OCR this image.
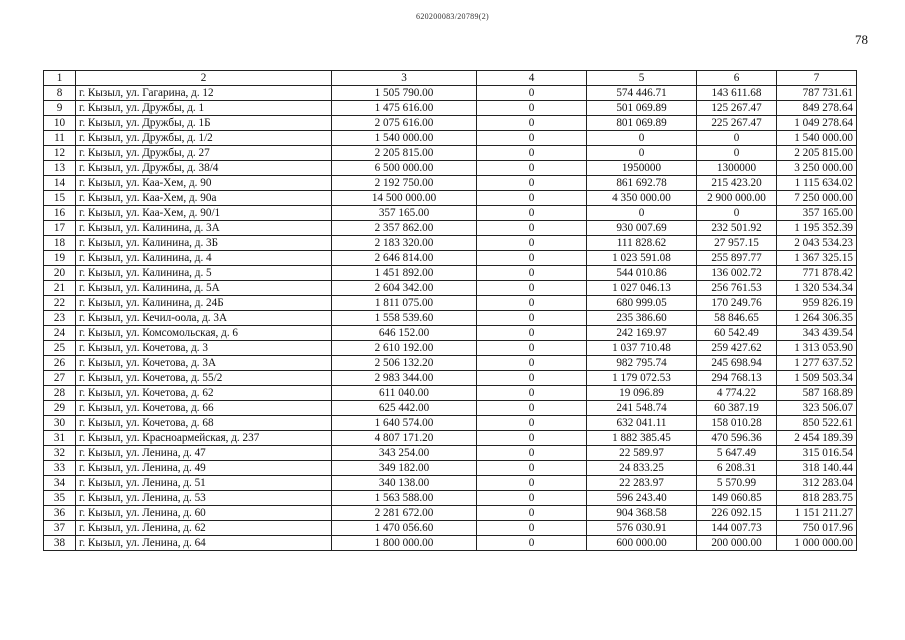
620200083/20789(2)
78
1	2	3	4	5	6	7
8	г. Кызыл, ул. Гагарина, д. 12	1 505 790.00	0	574 446.71	143 611.68	787 731.61
9	г. Кызыл, ул. Дружбы, д. 1	1 475 616.00	0	501 069.89	125 267.47	849 278.64
10	г. Кызыл, ул. Дружбы, д. 1Б	2 075 616.00	0	801 069.89	225 267.47	1 049 278.64
11	г. Кызыл, ул. Дружбы, д. 1/2	1 540 000.00	0	0	0	1 540 000.00
12	г. Кызыл, ул. Дружбы, д. 27	2 205 815.00	0	0	0	2 205 815.00
13	г. Кызыл, ул. Дружбы, д. 38/4	6 500 000.00	0	1950000	1300000	3 250 000.00
14	г. Кызыл, ул. Каа-Хем, д. 90	2 192 750.00	0	861 692.78	215 423.20	1 115 634.02
15	г. Кызыл, ул. Каа-Хем, д. 90а	14 500 000.00	0	4 350 000.00	2 900 000.00	7 250 000.00
16	г. Кызыл, ул. Каа-Хем, д. 90/1	357 165.00	0	0	0	357 165.00
17	г. Кызыл, ул. Калинина, д. 3А	2 357 862.00	0	930 007.69	232 501.92	1 195 352.39
18	г. Кызыл, ул. Калинина, д. 3Б	2 183 320.00	0	111 828.62	27 957.15	2 043 534.23
19	г. Кызыл, ул. Калинина, д. 4	2 646 814.00	0	1 023 591.08	255 897.77	1 367 325.15
20	г. Кызыл, ул. Калинина, д. 5	1 451 892.00	0	544 010.86	136 002.72	771 878.42
21	г. Кызыл, ул. Калинина, д. 5А	2 604 342.00	0	1 027 046.13	256 761.53	1 320 534.34
22	г. Кызыл, ул. Калинина, д. 24Б	1 811 075.00	0	680 999.05	170 249.76	959 826.19
23	г. Кызыл, ул. Кечил-оола, д. 3А	1 558 539.60	0	235 386.60	58 846.65	1 264 306.35
24	г. Кызыл, ул. Комсомольская, д. 6	646 152.00	0	242 169.97	60 542.49	343 439.54
25	г. Кызыл, ул. Кочетова, д. 3	2 610 192.00	0	1 037 710.48	259 427.62	1 313 053.90
26	г. Кызыл, ул. Кочетова, д. 3А	2 506 132.20	0	982 795.74	245 698.94	1 277 637.52
27	г. Кызыл, ул. Кочетова, д. 55/2	2 983 344.00	0	1 179 072.53	294 768.13	1 509 503.34
28	г. Кызыл, ул. Кочетова, д. 62	611 040.00	0	19 096.89	4 774.22	587 168.89
29	г. Кызыл, ул. Кочетова, д. 66	625 442.00	0	241 548.74	60 387.19	323 506.07
30	г. Кызыл, ул. Кочетова, д. 68	1 640 574.00	0	632 041.11	158 010.28	850 522.61
31	г. Кызыл, ул. Красноармейская, д. 237	4 807 171.20	0	1 882 385.45	470 596.36	2 454 189.39
32	г. Кызыл, ул. Ленина, д. 47	343 254.00	0	22 589.97	5 647.49	315 016.54
33	г. Кызыл, ул. Ленина, д. 49	349 182.00	0	24 833.25	6 208.31	318 140.44
34	г. Кызыл, ул. Ленина, д. 51	340 138.00	0	22 283.97	5 570.99	312 283.04
35	г. Кызыл, ул. Ленина, д. 53	1 563 588.00	0	596 243.40	149 060.85	818 283.75
36	г. Кызыл, ул. Ленина, д. 60	2 281 672.00	0	904 368.58	226 092.15	1 151 211.27
37	г. Кызыл, ул. Ленина, д. 62	1 470 056.60	0	576 030.91	144 007.73	750 017.96
38	г. Кызыл, ул. Ленина, д. 64	1 800 000.00	0	600 000.00	200 000.00	1 000 000.00
